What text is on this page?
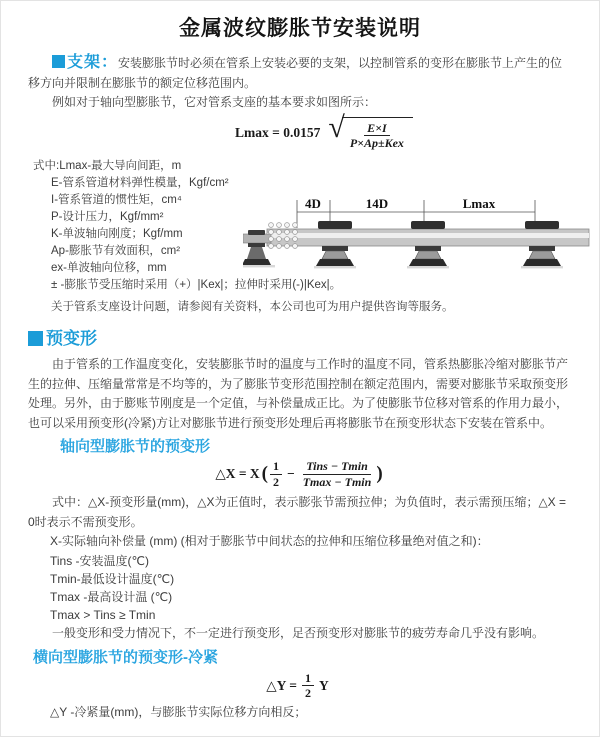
金属波纹膨胀节安装说明

支架：安装膨胀节时必须在管系上安装必要的支架，以控制管系的变形在膨胀节上产生的位移方向并限制在膨胀节的额定位移范围内。

例如对于轴向型膨胀节，它对管系支座的基本要求如图所示：

Lmax = 0.0157 √ $\frac{E\times I}{\text{P×Ap±Kex}}$
式中:Lmax-最大导向间距，m
E-管系管道材料弹性模量，Kgf/cm²
I-管系管道的惯性矩，cm⁴
P-设计压力，Kgf/mm²
K-单波轴向刚度；Kgf/mm
Ap-膨胀节有效面积，cm²
ex-单波轴向位移，mm
± -膨胀节受压缩时采用（+）|Kex|；拉伸时采用(-)|Kex|。
关于管系支座设计问题，请参阅有关资料，本公司也可为用户提供咨询等服务。
预变形

由于管系的工作温度变化，安装膨胀节时的温度与工作时的温度不同，管系热膨胀冷缩对膨胀节产生的拉伸、压缩量常常是不均等的，为了膨胀节变形范围控制在额定范围内，需要对膨胀节采取预变形处理。另外，由于膨账节刚度是一个定值，与补偿量成正比。为了使膨胀节位移对管系的作用力最小，也可以采用预变形(冷紧)方让对膨胀节进行预变形处理后再将膨胀节在预变形状态下安装在管系中。

轴向型膨胀节的预变形
△X = X ( $\frac{1}{2} - \frac{\text{Tins − Tmin}}{Tmax - Tmin}$ )

式中：△X-预变形量(mm)，△X为正值时，表示膨张节需预拉伸；为负值时，表示需预压缩；△X = 0时表示不需预变形。

X-实际轴向补偿量 (mm) (相对于膨胀节中间状态的拉伸和压缩位移量绝对值之和)：

Tins -安装温度(℃)
Tmin-最低设计温度(℃)
Tmax -最高设计温 (℃)
Tmax > Tins ≥ Tmin

一般变形和受力情况下，不一定进行预变形，足否预变形对膨胀节的疲劳寿命几乎没有影响。

横向型膨胀节的预变形-冷紧
△Y = $\frac{1}{2}$ Y

△Y -冷紧量(mm)，与膨胀节实际位移方向相反；

4D	14D	Lmax
